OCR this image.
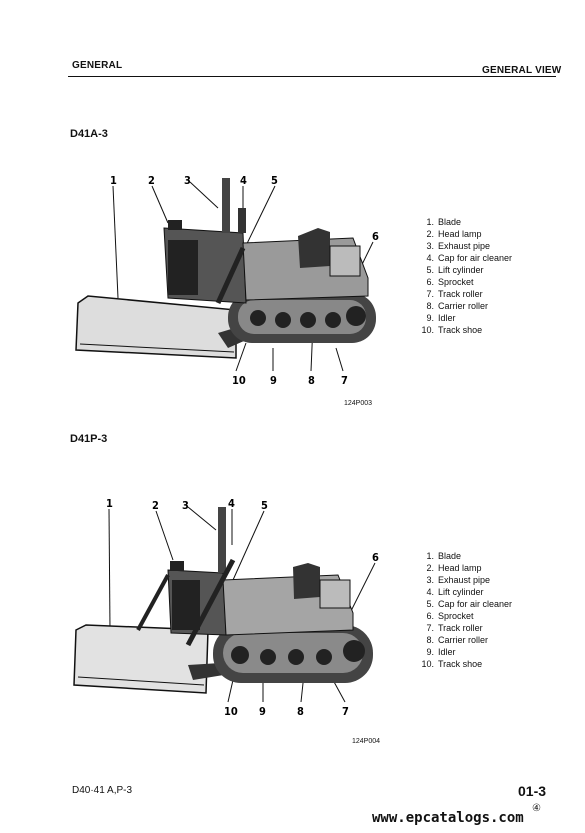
GENERAL	GENERAL VIEW
D41A-3
1	2	3	4 5
6
7
8
9
10
1. Blade
2. Head lamp
3. Exhaust pipe
4. Cap for air cleaner
5. Lift cylinder
6. Sprocket
7. Track roller
8. Carrier roller
9. Idler
10. Track shoe
124P003
D41P-3
1	2 3	4 5
6
7
8
9
10
1. Blade
2. Head lamp
3. Exhaust pipe
4. Lift cylinder
5. Cap for air cleaner
6. Sprocket
7. Track roller
8. Carrier roller
9. Idler
10. Track shoe
124P004
D40·41 A,P-3	01-3
④
www.epcatalogs.com
